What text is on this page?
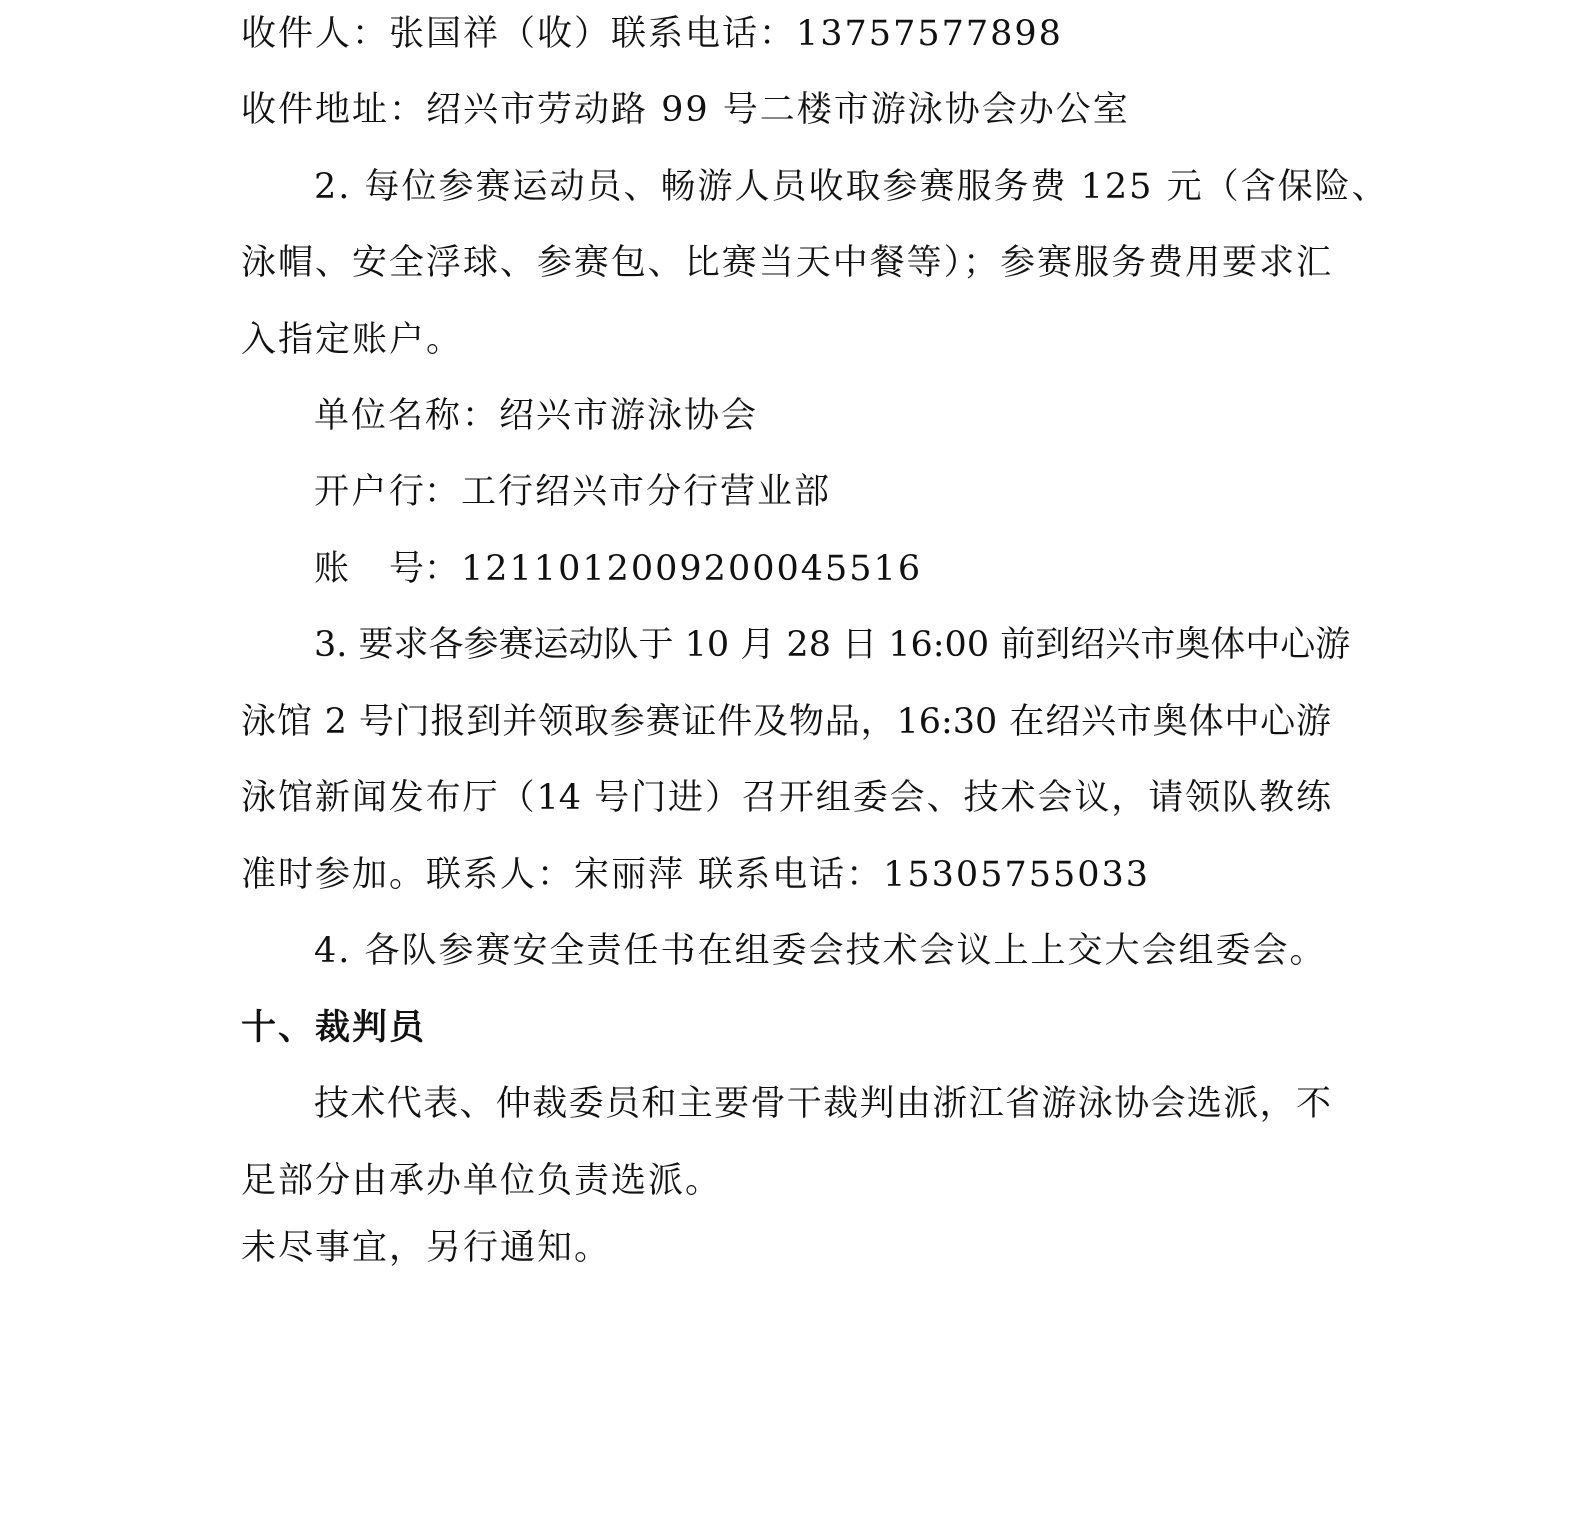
收件人：张国祥（收）联系电话：13757577898
收件地址：绍兴市劳动路 99 号二楼市游泳协会办公室
2. 每位参赛运动员、畅游人员收取参赛服务费 125 元（含保险、
泳帽、安全浮球、参赛包、比赛当天中餐等）；参赛服务费用要求汇
入指定账户。
单位名称：绍兴市游泳协会
开户行：工行绍兴市分行营业部
账号：1211012009200045516
3. 要求各参赛运动队于 10 月 28 日 16:00 前到绍兴市奥体中心游
泳馆 2 号门报到并领取参赛证件及物品，16:30 在绍兴市奥体中心游
泳馆新闻发布厅（14 号门进）召开组委会、技术会议，请领队教练
准时参加。联系人：宋丽萍 联系电话：15305755033
4. 各队参赛安全责任书在组委会技术会议上上交大会组委会。
十、裁判员
技术代表、仲裁委员和主要骨干裁判由浙江省游泳协会选派，不
足部分由承办单位负责选派。
未尽事宜，另行通知。
